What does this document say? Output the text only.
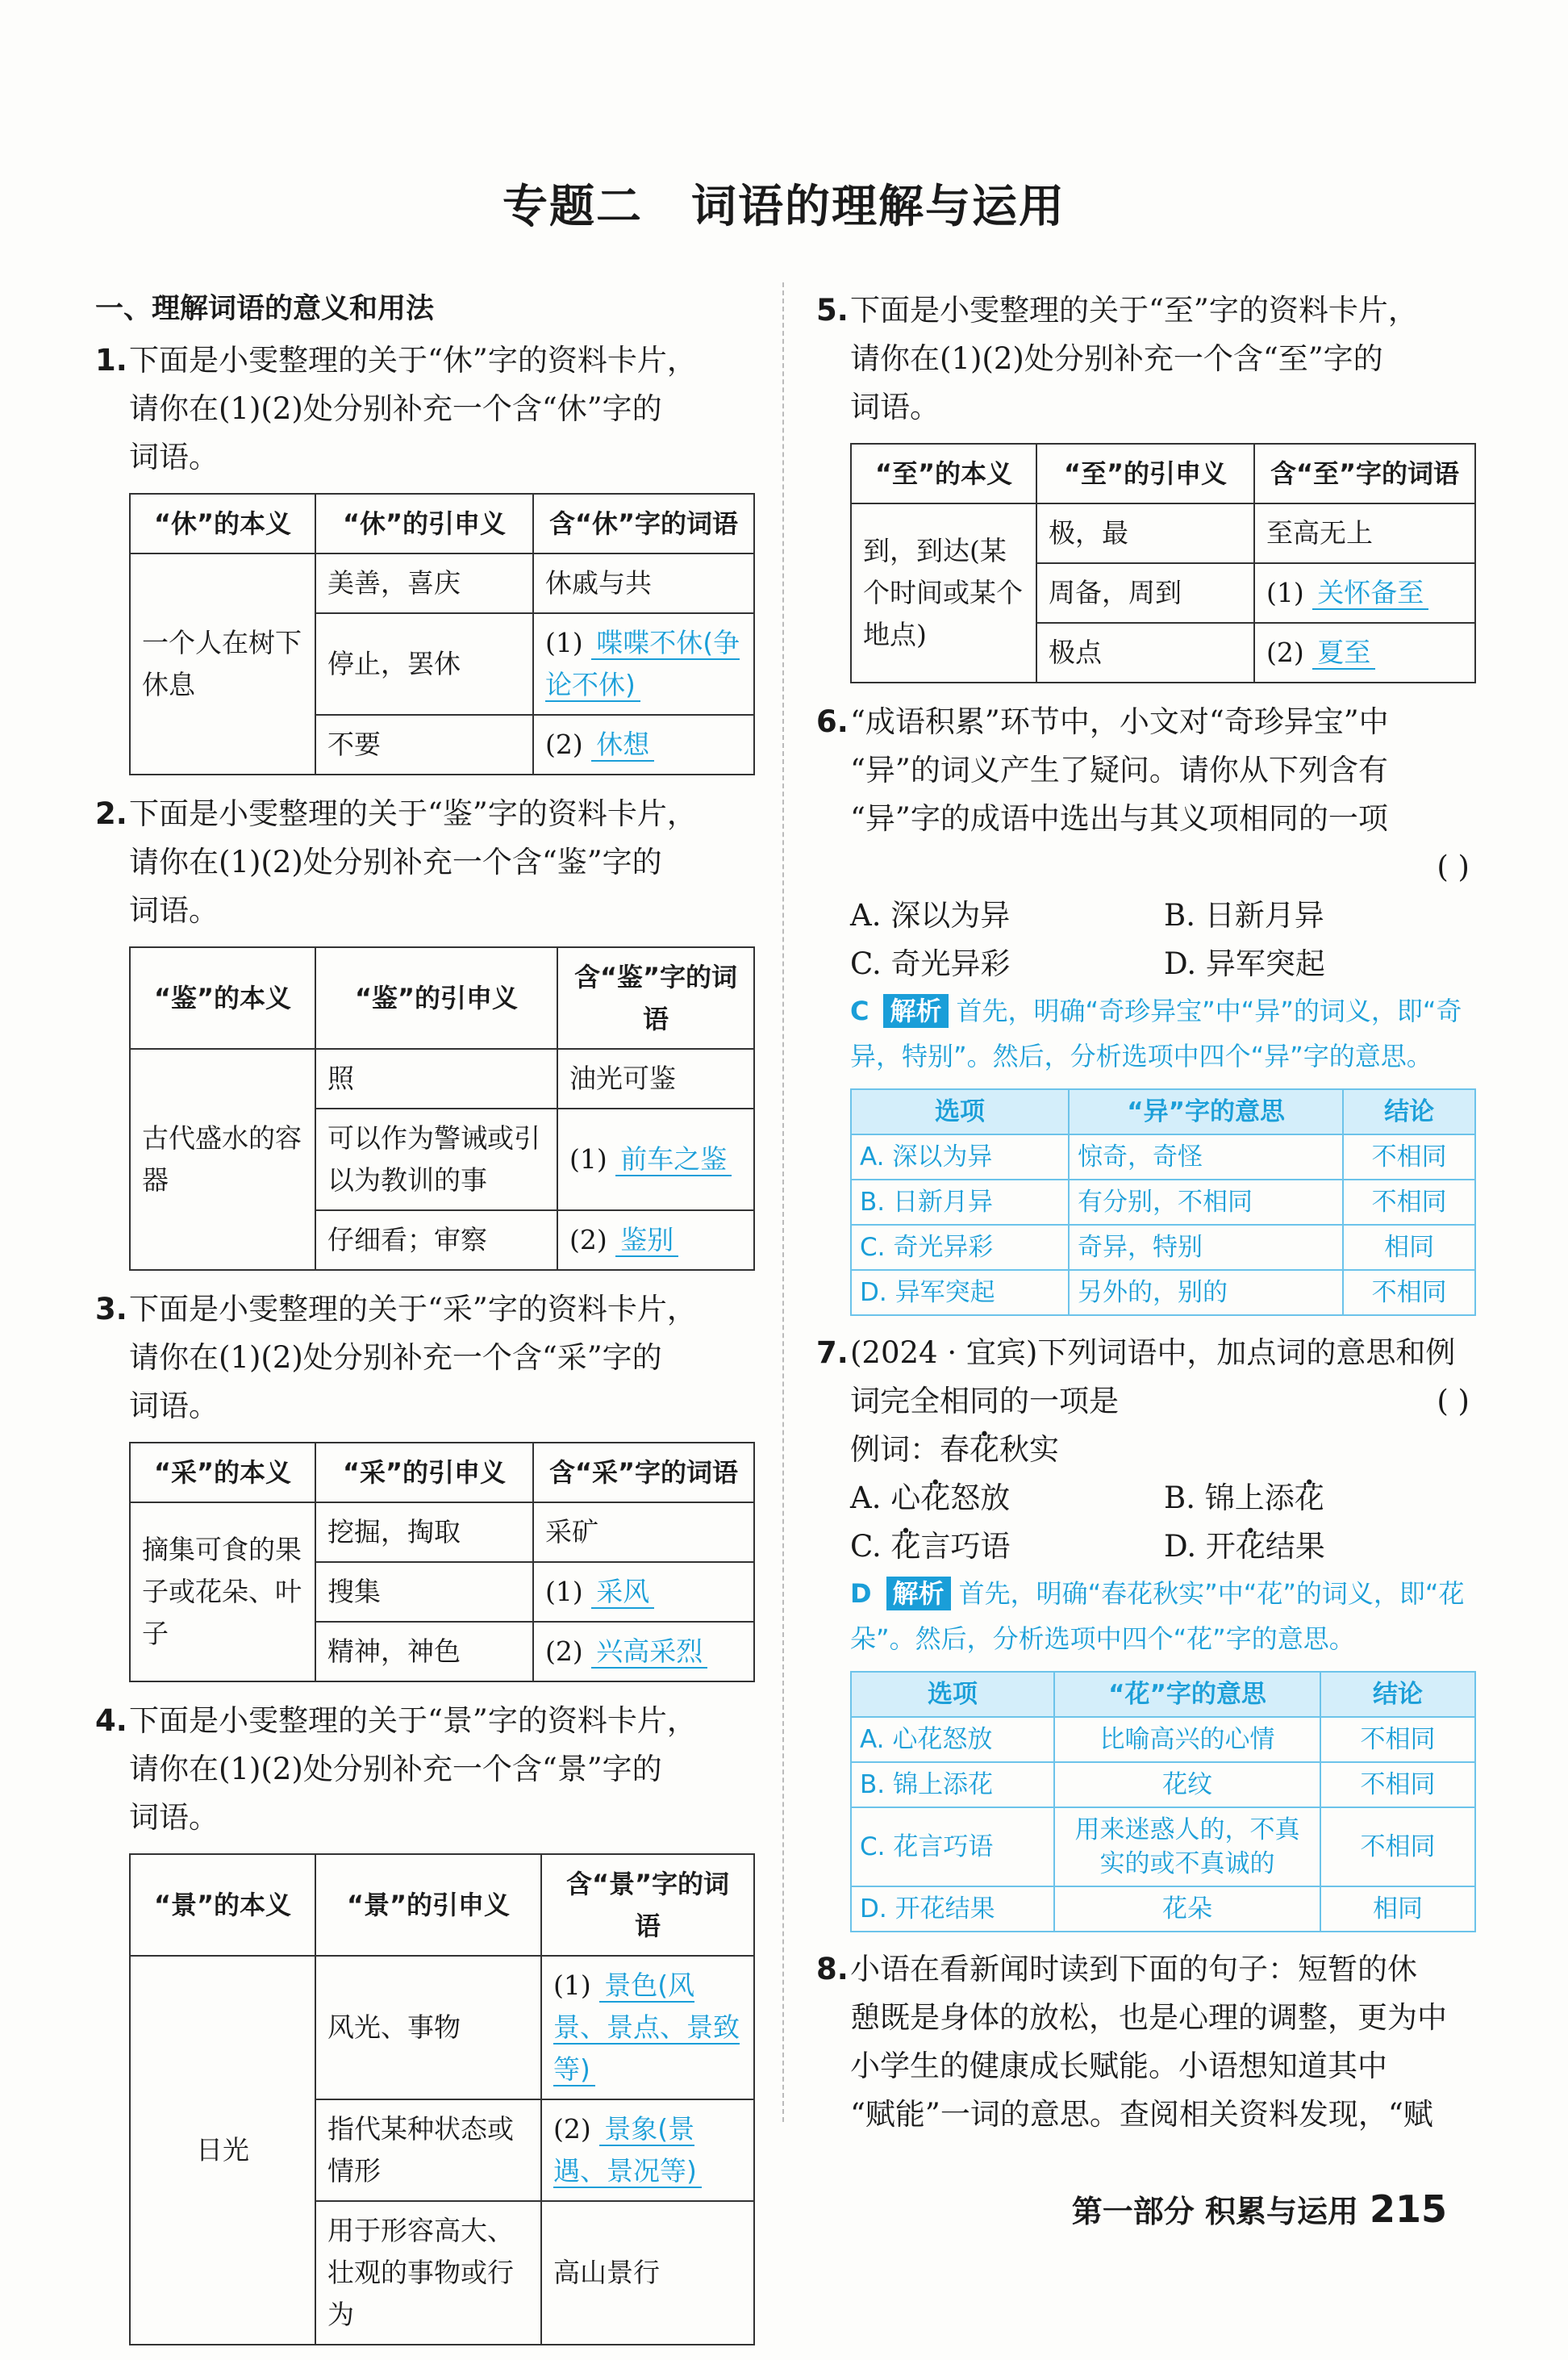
专题二 词语的理解与运用
一、理解词语的意义和用法
1.下面是小雯整理的关于“休”字的资料卡片，
请你在(1)(2)处分别补充一个含“休”字的
词语。
“休”的本义	“休”的引申义	含“休”字的词语
一个人在树下休息	美善，喜庆	休戚与共
	停止，罢休	(1) 喋喋不休(争论不休)
	不要	(2) 休想
2.下面是小雯整理的关于“鉴”字的资料卡片，
请你在(1)(2)处分别补充一个含“鉴”字的
词语。
“鉴”的本义	“鉴”的引申义	含“鉴”字的词语
古代盛水的容器	照	油光可鉴
	可以作为警诫或引以为教训的事	(1) 前车之鉴
	仔细看；审察	(2) 鉴别
3.下面是小雯整理的关于“采”字的资料卡片，
请你在(1)(2)处分别补充一个含“采”字的
词语。
“采”的本义	“采”的引申义	含“采”字的词语
摘集可食的果子或花朵、叶子	挖掘，掏取	采矿
	搜集	(1) 采风
	精神，神色	(2) 兴高采烈
4.下面是小雯整理的关于“景”字的资料卡片，
请你在(1)(2)处分别补充一个含“景”字的
词语。
“景”的本义	“景”的引申义	含“景”字的词语
日光	风光、事物	(1) 景色(风景、景点、景致等)
	指代某种状态或情形	(2) 景象(景遇、景况等)
	用于形容高大、壮观的事物或行为	高山景行
5.下面是小雯整理的关于“至”字的资料卡片，
请你在(1)(2)处分别补充一个含“至”字的
词语。
“至”的本义	“至”的引申义	含“至”字的词语
到，到达(某个时间或某个地点)	极，最	至高无上
	周备，周到	(1) 关怀备至
	极点	(2) 夏至
6.“成语积累”环节中，小文对“奇珍异宝”中
“异”的词义产生了疑问。请你从下列含有
“异”字的成语中选出与其义项相同的一项
( )
A. 深以为异	B. 日新月异
C. 奇光异彩	D. 异军突起
C 解析 首先，明确“奇珍异宝”中“异”的词义，即“奇异，特别”。然后，分析选项中四个“异”字的意思。
选项	“异”字的意思	结论
A. 深以为异	惊奇，奇怪	不相同
B. 日新月异	有分别，不相同	不相同
C. 奇光异彩	奇异，特别	相同
D. 异军突起	另外的，别的	不相同
7.(2024 · 宜宾)下列词语中，加点词的意思和例
词完全相同的一项是	( )
例词：春花秋实
A. 心花怒放	B. 锦上添花
C. 花言巧语	D. 开花结果
D 解析 首先，明确“春花秋实”中“花”的词义，即“花朵”。然后，分析选项中四个“花”字的意思。
选项	“花”字的意思	结论
A. 心花怒放	比喻高兴的心情	不相同
B. 锦上添花	花纹	不相同
C. 花言巧语	用来迷惑人的，不真实的或不真诚的	不相同
D. 开花结果	花朵	相同
8.小语在看新闻时读到下面的句子：短暂的休
憩既是身体的放松，也是心理的调整，更为中
小学生的健康成长赋能。小语想知道其中
“赋能”一词的意思。查阅相关资料发现，“赋
第一部分 积累与运用 215
